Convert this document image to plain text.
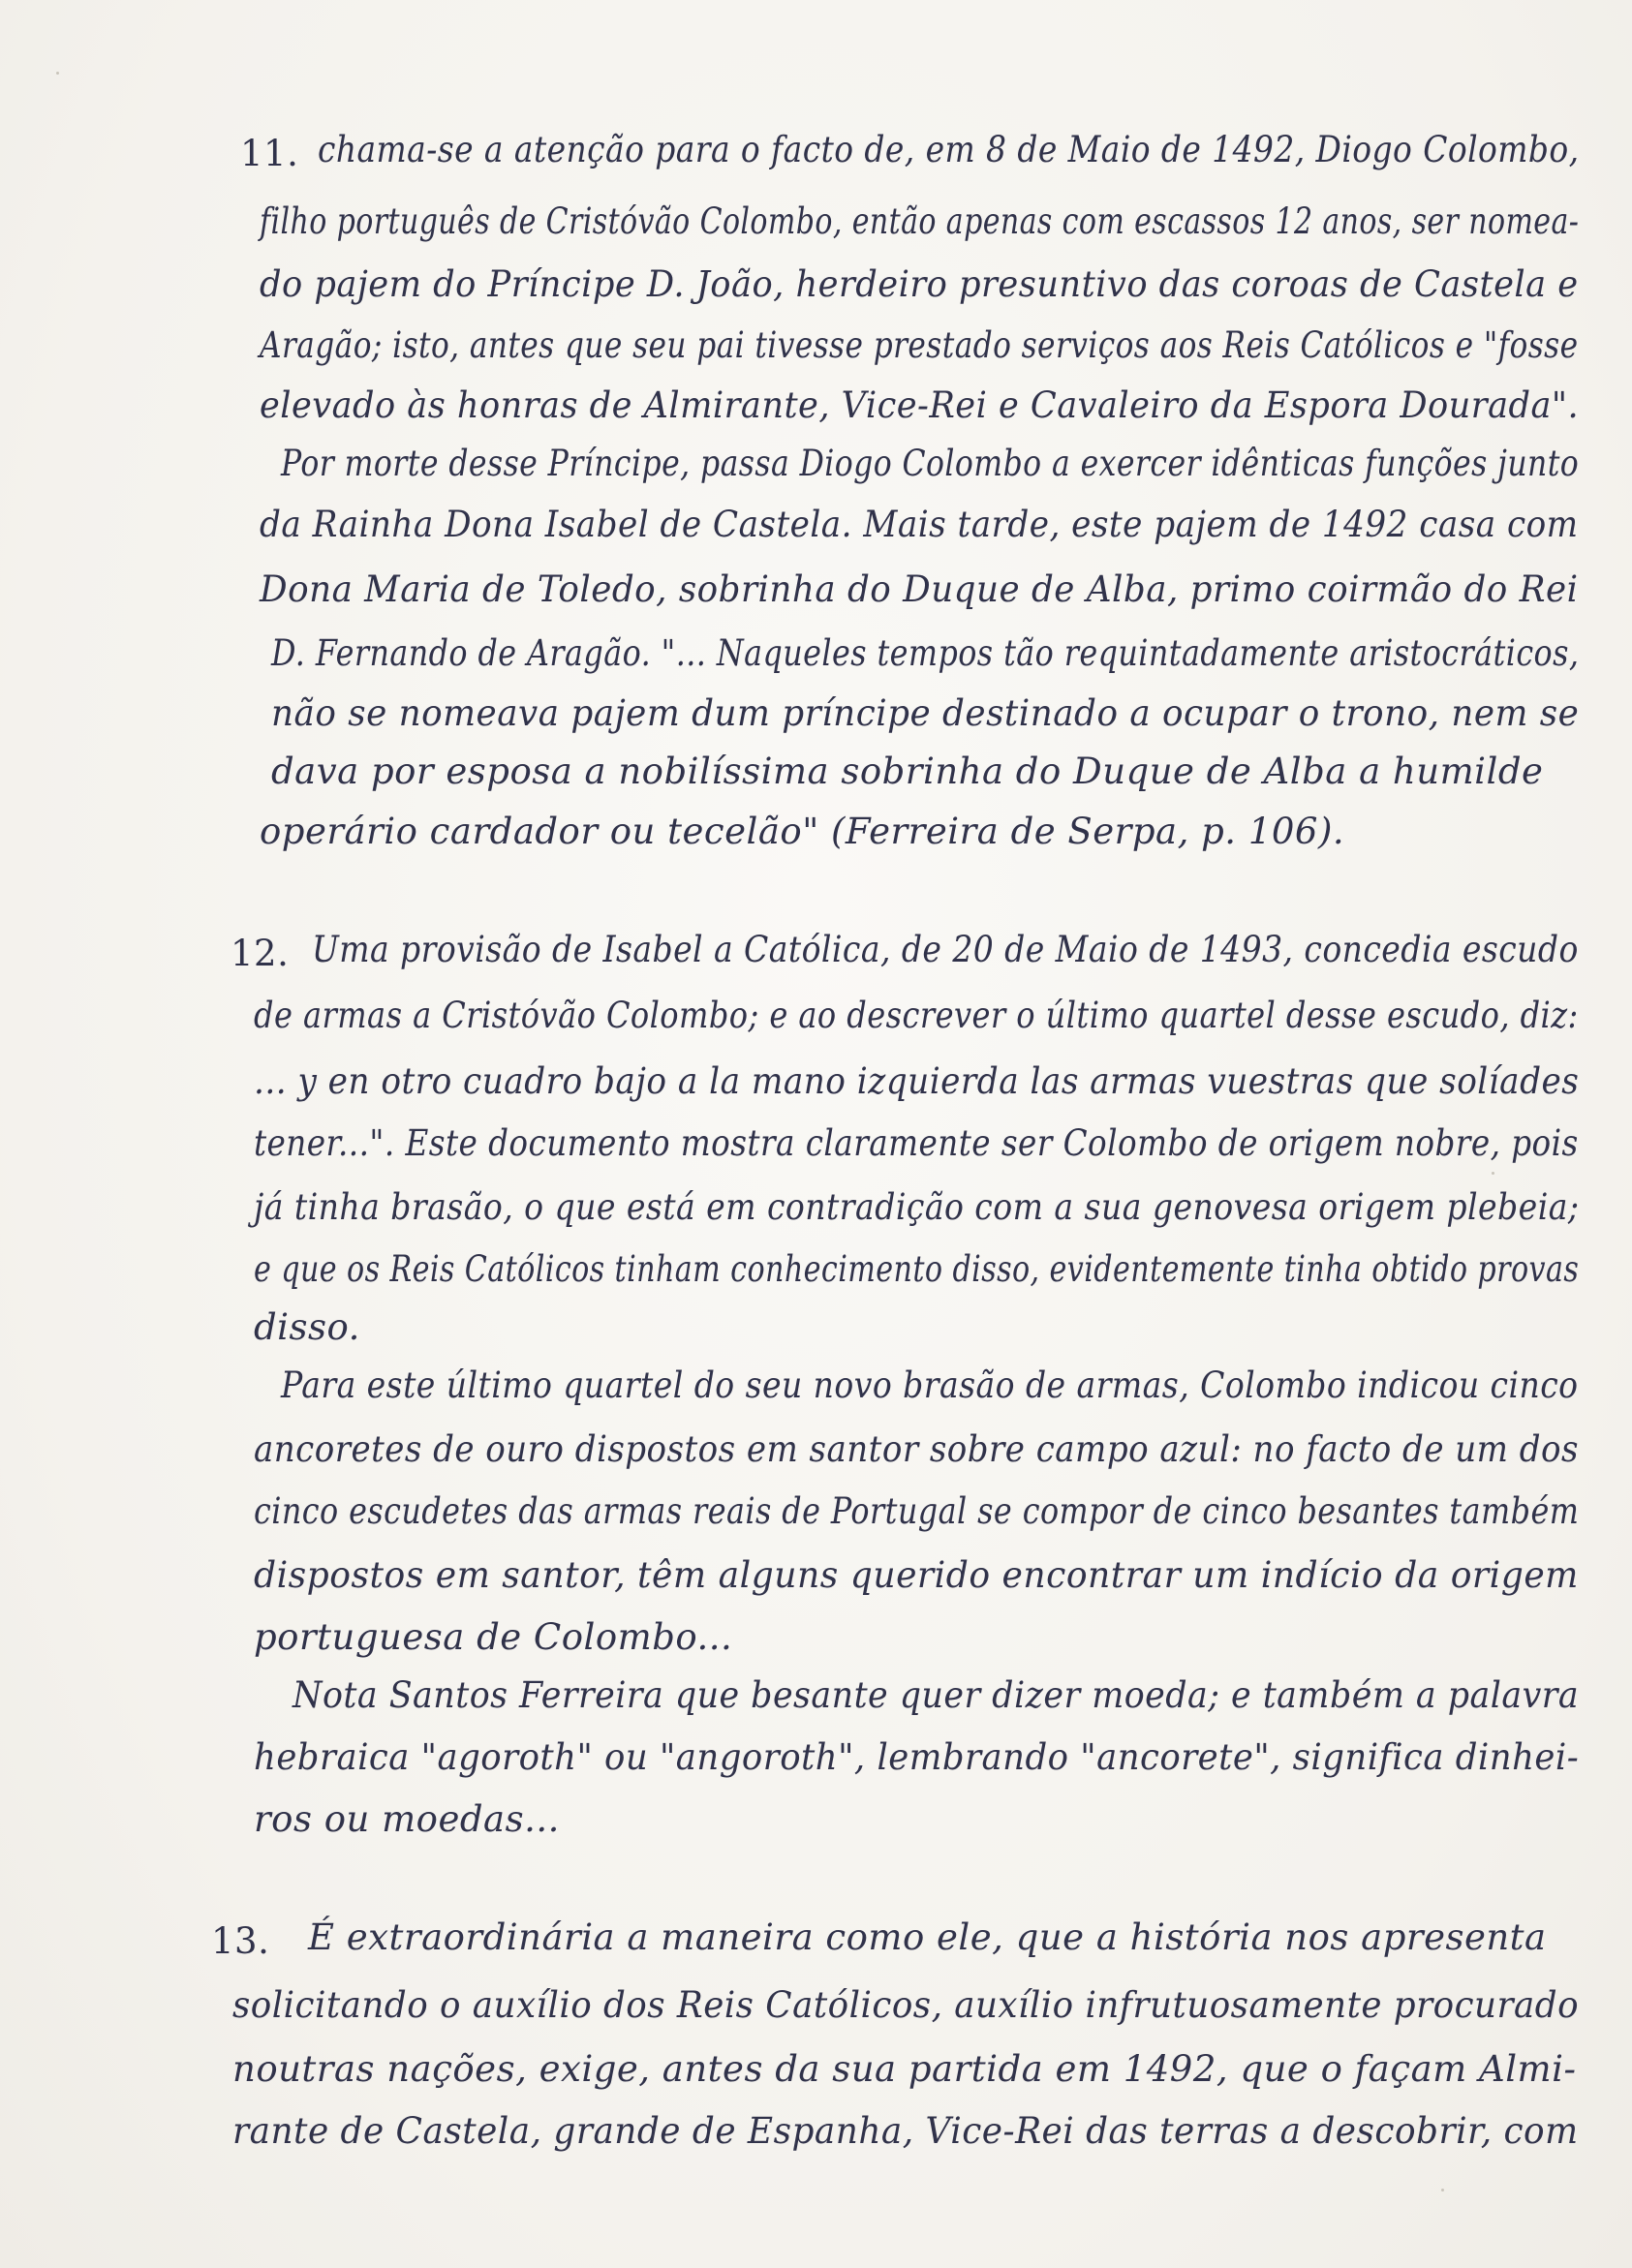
11. chama-se a atenção para o facto de, em 8 de Maio de 1492, Diogo Colombo,
filho português de Cristóvão Colombo, então apenas com escassos 12 anos, ser nomea-
do pajem do Príncipe D. João, herdeiro presuntivo das coroas de Castela e
Aragão; isto, antes que seu pai tivesse prestado serviços aos Reis Católicos e "fosse
elevado às honras de Almirante, Vice-Rei e Cavaleiro da Espora Dourada".
Por morte desse Príncipe, passa Diogo Colombo a exercer idênticas funções junto
da Rainha Dona Isabel de Castela. Mais tarde, este pajem de 1492 casa com
Dona Maria de Toledo, sobrinha do Duque de Alba, primo coirmão do Rei
D. Fernando de Aragão. "... Naqueles tempos tão requintadamente aristocráticos,
não se nomeava pajem dum príncipe destinado a ocupar o trono, nem se
dava por esposa a nobilíssima sobrinha do Duque de Alba a humilde
operário cardador ou tecelão" (Ferreira de Serpa, p. 106).
12. Uma provisão de Isabel a Católica, de 20 de Maio de 1493, concedia escudo
de armas a Cristóvão Colombo; e ao descrever o último quartel desse escudo, diz:
... y en otro cuadro bajo a la mano izquierda las armas vuestras que solíades
tener...". Este documento mostra claramente ser Colombo de origem nobre, pois
já tinha brasão, o que está em contradição com a sua genovesa origem plebeia;
e que os Reis Católicos tinham conhecimento disso, evidentemente tinha obtido provas
disso.
Para este último quartel do seu novo brasão de armas, Colombo indicou cinco
ancoretes de ouro dispostos em santor sobre campo azul: no facto de um dos
cinco escudetes das armas reais de Portugal se compor de cinco besantes também
dispostos em santor, têm alguns querido encontrar um indício da origem
portuguesa de Colombo...
Nota Santos Ferreira que besante quer dizer moeda; e também a palavra
hebraica "agoroth" ou "angoroth", lembrando "ancorete", significa dinhei-
ros ou moedas...
13. É extraordinária a maneira como ele, que a história nos apresenta
solicitando o auxílio dos Reis Católicos, auxílio infrutuosamente procurado
noutras nações, exige, antes da sua partida em 1492, que o façam Almi-
rante de Castela, grande de Espanha, Vice-Rei das terras a descobrir, com
